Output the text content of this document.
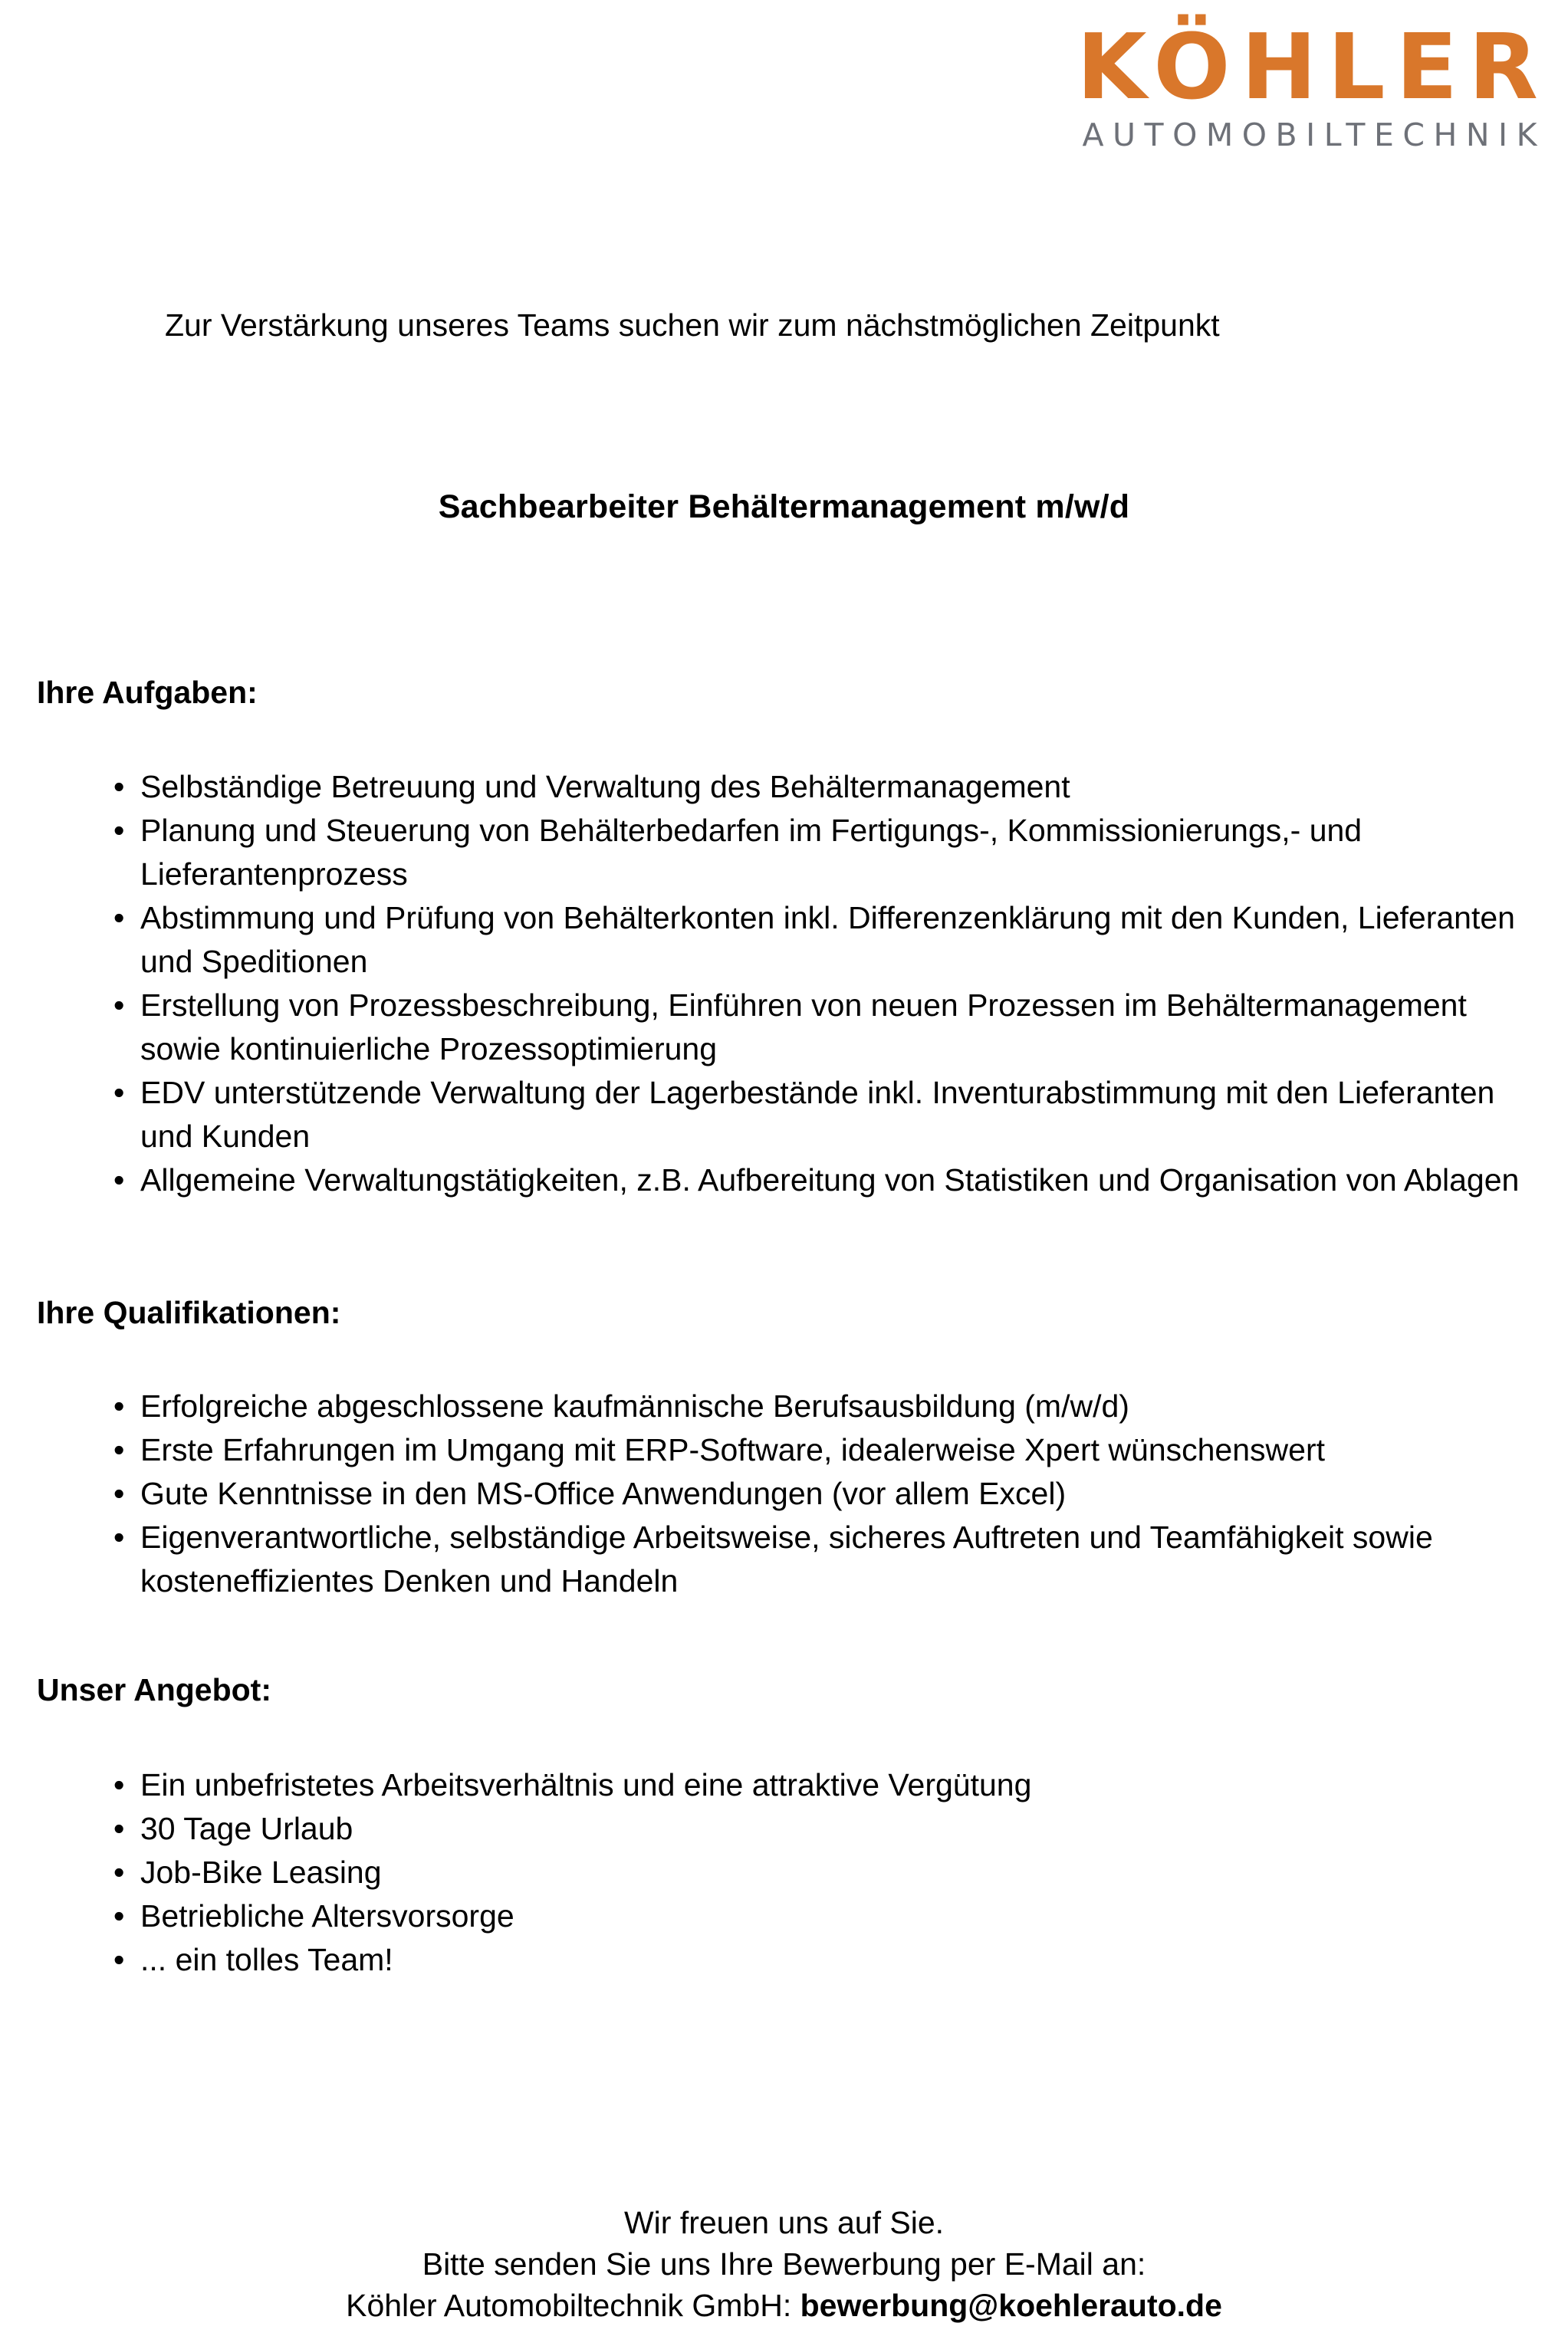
KÖHLER
AUTOMOBILTECHNIK
Zur Verstärkung unseres Teams suchen wir zum nächstmöglichen Zeitpunkt
Sachbearbeiter Behältermanagement m/w/d
Ihre Aufgaben:
• Selbständige Betreuung und Verwaltung des Behältermanagement
• Planung und Steuerung von Behälterbedarfen im Fertigungs-, Kommissionierungs,- und Lieferantenprozess
• Abstimmung und Prüfung von Behälterkonten inkl. Differenzenklärung mit den Kunden, Lieferanten und Speditionen
• Erstellung von Prozessbeschreibung, Einführen von neuen Prozessen im Behältermanagement sowie kontinuierliche Prozessoptimierung
• EDV unterstützende Verwaltung der Lagerbestände inkl. Inventurabstimmung mit den Lieferanten und Kunden
• Allgemeine Verwaltungstätigkeiten, z.B. Aufbereitung von Statistiken und Organisation von Ablagen
Ihre Qualifikationen:
• Erfolgreiche abgeschlossene kaufmännische Berufsausbildung (m/w/d)
• Erste Erfahrungen im Umgang mit ERP-Software, idealerweise Xpert wünschenswert
• Gute Kenntnisse in den MS-Office Anwendungen (vor allem Excel)
• Eigenverantwortliche, selbständige Arbeitsweise, sicheres Auftreten und Teamfähigkeit sowie kosteneffizientes Denken und Handeln
Unser Angebot:
• Ein unbefristetes Arbeitsverhältnis und eine attraktive Vergütung
• 30 Tage Urlaub
• Job-Bike Leasing
• Betriebliche Altersvorsorge
• ... ein tolles Team!
Wir freuen uns auf Sie.
Bitte senden Sie uns Ihre Bewerbung per E-Mail an:
Köhler Automobiltechnik GmbH: bewerbung@koehlerauto.de
